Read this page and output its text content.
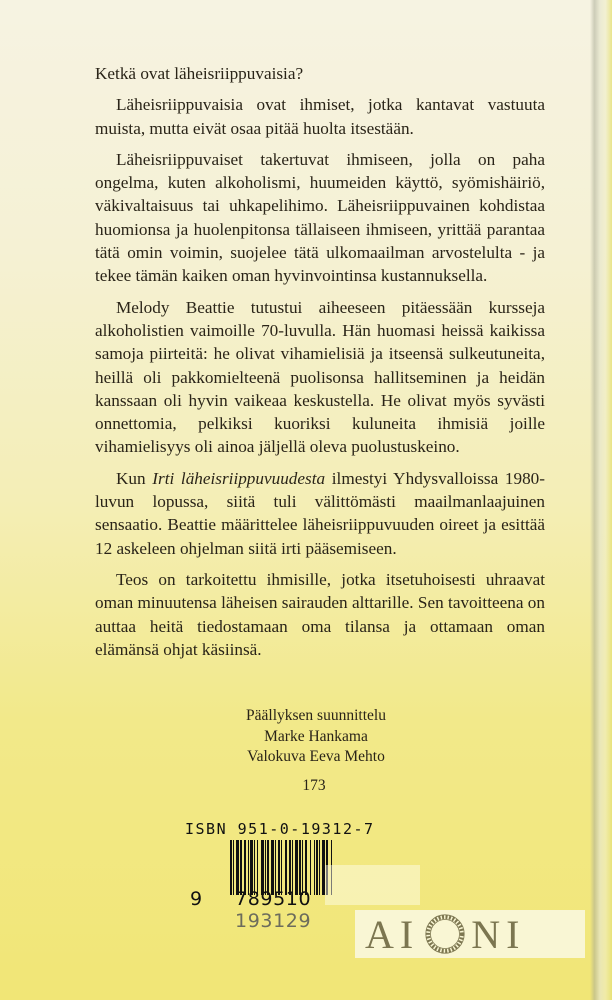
Ketkä ovat läheisriippuvaisia?

Läheisriippuvaisia ovat ihmiset, jotka kantavat vastuuta muista, mutta eivät osaa pitää huolta itsestään.

Läheisriippuvaiset takertuvat ihmiseen, jolla on paha ongelma, kuten alkoholismi, huumeiden käyttö, syömishäiriö, väkivaltaisuus tai uhkapelihimo. Läheisriippuvainen kohdistaa huomionsa ja huolenpitonsa tällaiseen ihmiseen, yrittää parantaa tätä omin voimin, suojelee tätä ulkomaailman arvostelulta - ja tekee tämän kaiken oman hyvinvointinsa kustannuksella.

Melody Beattie tutustui aiheeseen pitäessään kursseja alkoholistien vaimoille 70-luvulla. Hän huomasi heissä kaikissa samoja piirteitä: he olivat vihamielisiä ja itseensä sulkeutuneita, heillä oli pakkomielteenä puolisonsa hallitseminen ja heidän kanssaan oli hyvin vaikeaa keskustella. He olivat myös syvästi onnettomia, pelkiksi kuoriksi kuluneita ihmisiä joille vihamielisyys oli ainoa jäljellä oleva puolustuskeino.

Kun Irti läheisriippuvuudesta ilmestyi Yhdysvalloissa 1980-luvun lopussa, siitä tuli välittömästi maailmanlaajuinen sensaatio. Beattie määrittelee läheisriippuvuuden oireet ja esittää 12 askeleen ohjelman siitä irti pääsemiseen.

Teos on tarkoitettu ihmisille, jotka itsetuhoisesti uhraavat oman minuutensa läheisen sairauden alttarille. Sen tavoitteena on auttaa heitä tiedostamaan oma tilansa ja ottamaan oman elämänsä ohjat käsiinsä.

Päällyksen suunnittelu
Marke Hankama
Valokuva Eeva Mehto
173
ISBN 951-0-19312-7
9 789510 193129	AI NI
